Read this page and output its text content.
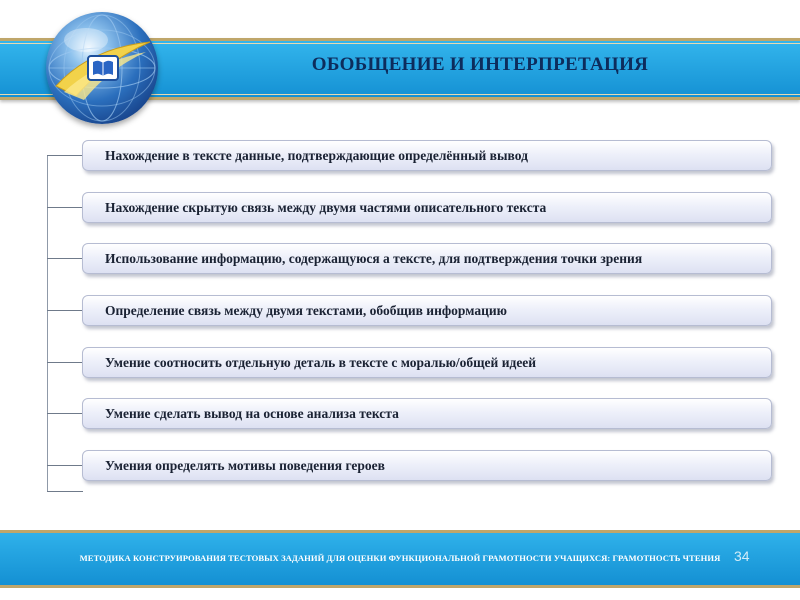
ОБОБЩЕНИЕ И ИНТЕРПРЕТАЦИЯ
Нахождение в тексте данные, подтверждающие определённый вывод
Нахождение скрытую связь между двумя частями описательного текста
Использование информацию, содержащуюся а тексте, для подтверждения точки зрения
Определение связь между двумя текстами, обобщив информацию
Умение соотносить отдельную деталь в тексте с моралью/общей идеей
Умение сделать вывод на основе анализа текста
Умения определять мотивы поведения героев
МЕТОДИКА КОНСТРУИРОВАНИЯ ТЕСТОВЫХ ЗАДАНИЙ ДЛЯ ОЦЕНКИ ФУНКЦИОНАЛЬНОЙ ГРАМОТНОСТИ УЧАЩИХСЯ: ГРАМОТНОСТЬ ЧТЕНИЯ 34
